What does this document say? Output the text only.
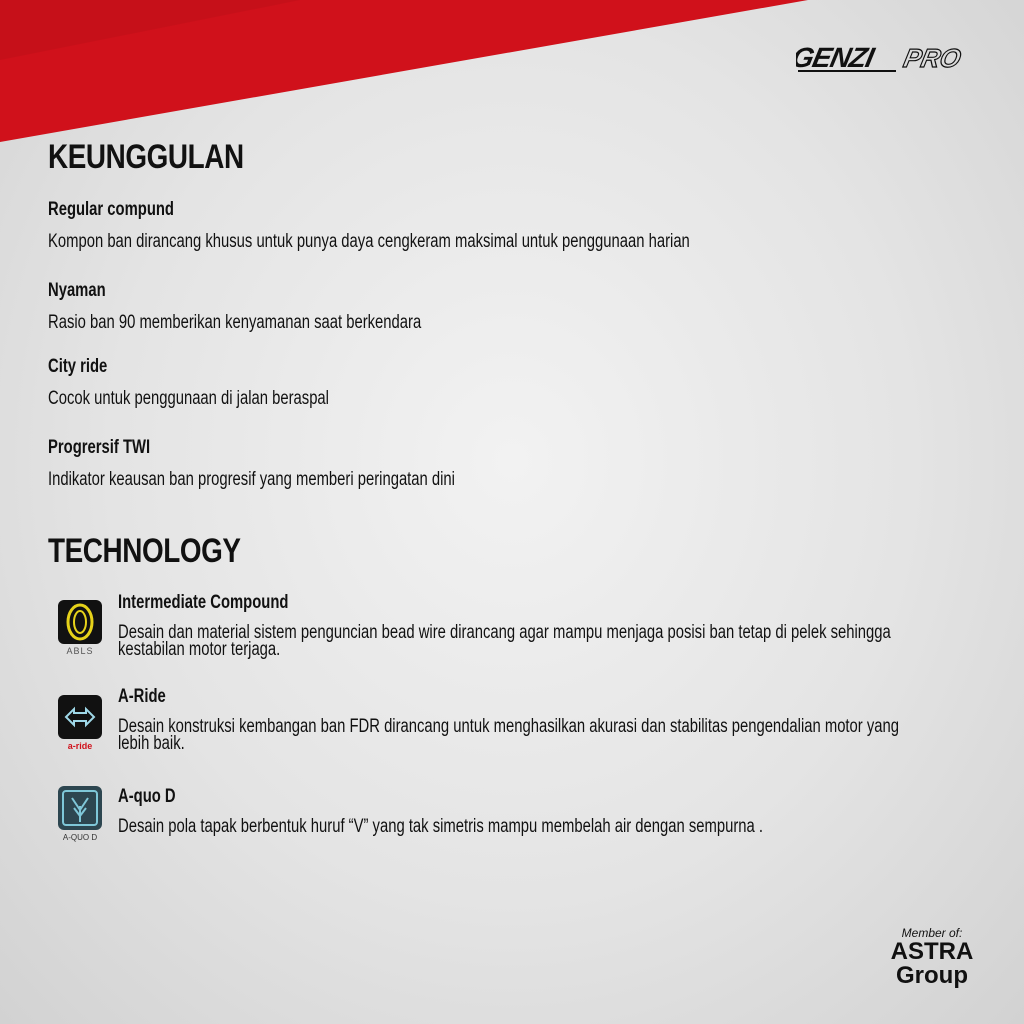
GENZI PRO
KEUNGGULAN
Regular compund
Kompon ban dirancang khusus untuk punya daya cengkeram maksimal untuk penggunaan harian
Nyaman
Rasio ban 90 memberikan kenyamanan saat berkendara
City ride
Cocok untuk penggunaan di jalan beraspal
Progrersif TWI
Indikator keausan ban progresif yang memberi peringatan dini
TECHNOLOGY
ABLS
Intermediate Compound
Desain dan material sistem penguncian bead wire dirancang agar mampu menjaga posisi ban tetap di pelek sehingga kestabilan motor terjaga.
a-ride
A-Ride
Desain konstruksi kembangan ban FDR dirancang untuk menghasilkan akurasi dan stabilitas pengendalian motor yang lebih baik.
A-QUO D
A-quo D
Desain pola tapak berbentuk huruf “V” yang tak simetris mampu membelah air dengan sempurna .
Member of:
ASTRA
Group
